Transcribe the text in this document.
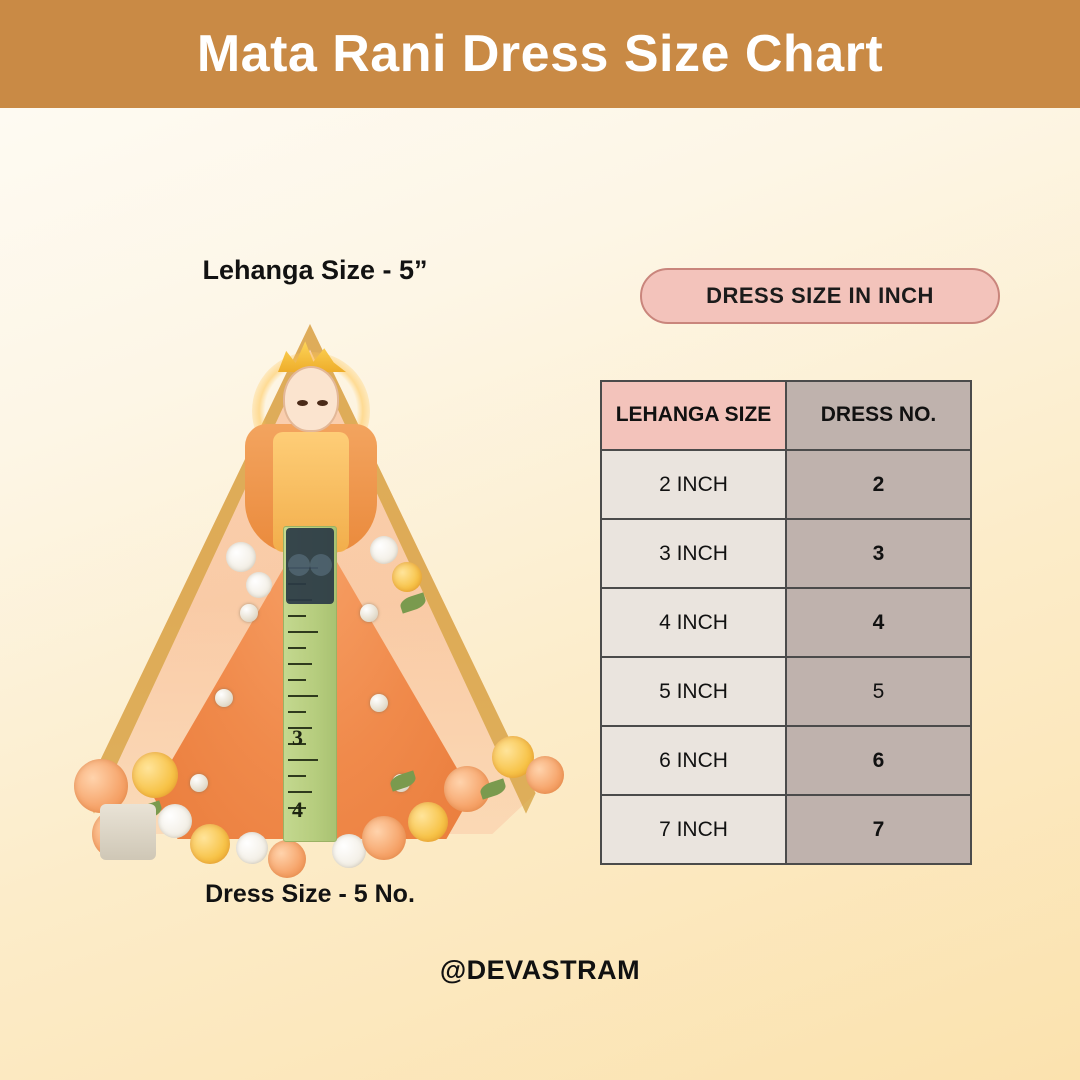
Mata Rani Dress Size Chart
Lehanga Size - 5”
3
4
Dress Size - 5 No.
DRESS SIZE IN INCH
LEHANGA SIZE	DRESS NO.
2 INCH	2
3 INCH	3
4 INCH	4
5 INCH	5
6 INCH	6
7 INCH	7
@DEVASTRAM
